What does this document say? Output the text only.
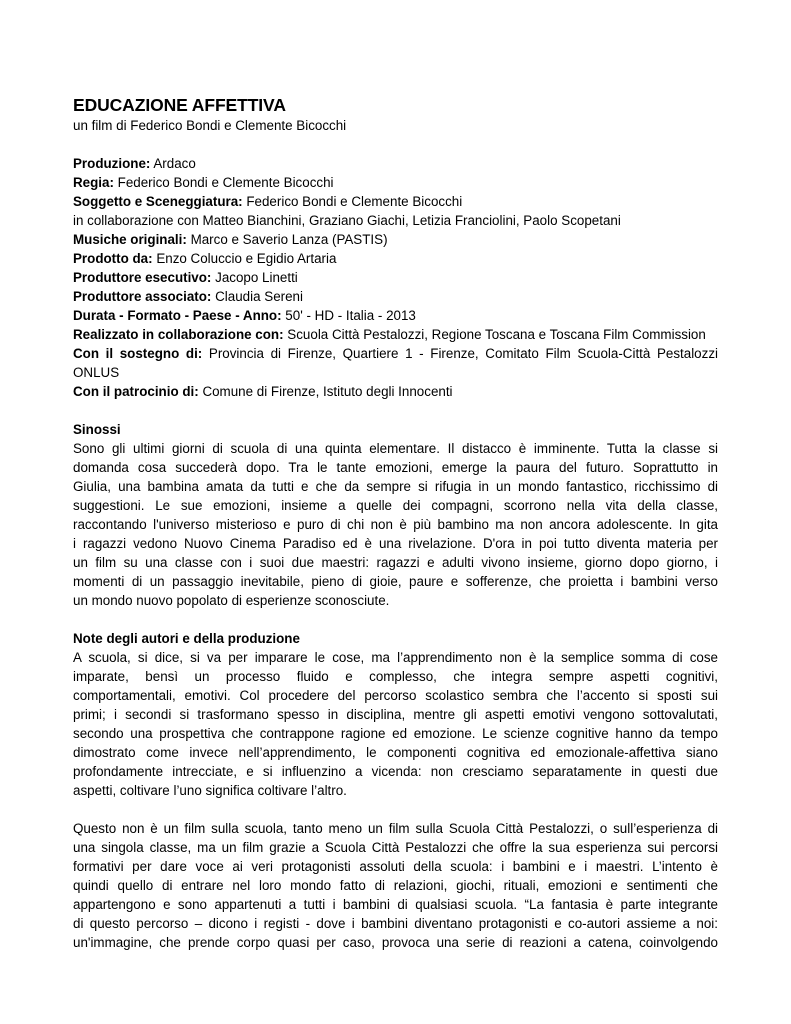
EDUCAZIONE AFFETTIVA
un film di Federico Bondi e Clemente Bicocchi
Produzione: Ardaco
Regia: Federico Bondi e Clemente Bicocchi
Soggetto e Sceneggiatura: Federico Bondi e Clemente Bicocchi
in collaborazione con Matteo Bianchini, Graziano Giachi, Letizia Franciolini, Paolo Scopetani
Musiche originali: Marco e Saverio Lanza (PASTIS)
Prodotto da: Enzo Coluccio e Egidio Artaria
Produttore esecutivo: Jacopo Linetti
Produttore associato: Claudia Sereni
Durata - Formato - Paese - Anno: 50' - HD - Italia - 2013
Realizzato in collaborazione con: Scuola Città Pestalozzi, Regione Toscana e Toscana Film Commission
Con il sostegno di: Provincia di Firenze, Quartiere 1 - Firenze, Comitato Film Scuola-Città Pestalozzi
ONLUS
Con il patrocinio di: Comune di Firenze, Istituto degli Innocenti
Sinossi
Sono gli ultimi giorni di scuola di una quinta elementare. Il distacco è imminente. Tutta la classe si
domanda cosa succederà dopo. Tra le tante emozioni, emerge la paura del futuro. Soprattutto in
Giulia, una bambina amata da tutti e che da sempre si rifugia in un mondo fantastico, ricchissimo di
suggestioni. Le sue emozioni, insieme a quelle dei compagni, scorrono nella vita della classe,
raccontando l'universo misterioso e puro di chi non è più bambino ma non ancora adolescente. In gita
i ragazzi vedono Nuovo Cinema Paradiso ed è una rivelazione. D'ora in poi tutto diventa materia per
un film su una classe con i suoi due maestri: ragazzi e adulti vivono insieme, giorno dopo giorno, i
momenti di un passaggio inevitabile, pieno di gioie, paure e sofferenze, che proietta i bambini verso
un mondo nuovo popolato di esperienze sconosciute.
Note degli autori e della produzione
A scuola, si dice, si va per imparare le cose, ma l’apprendimento non è la semplice somma di cose
imparate, bensì un processo fluido e complesso, che integra sempre aspetti cognitivi,
comportamentali, emotivi. Col procedere del percorso scolastico sembra che l’accento si sposti sui
primi; i secondi si trasformano spesso in disciplina, mentre gli aspetti emotivi vengono sottovalutati,
secondo una prospettiva che contrappone ragione ed emozione. Le scienze cognitive hanno da tempo
dimostrato come invece nell’apprendimento, le componenti cognitiva ed emozionale-affettiva siano
profondamente intrecciate, e si influenzino a vicenda: non cresciamo separatamente in questi due
aspetti, coltivare l’uno significa coltivare l’altro.
Questo non è un film sulla scuola, tanto meno un film sulla Scuola Città Pestalozzi, o sull’esperienza di
una singola classe, ma un film grazie a Scuola Città Pestalozzi che offre la sua esperienza sui percorsi
formativi per dare voce ai veri protagonisti assoluti della scuola: i bambini e i maestri. L’intento è
quindi quello di entrare nel loro mondo fatto di relazioni, giochi, rituali, emozioni e sentimenti che
appartengono e sono appartenuti a tutti i bambini di qualsiasi scuola. “La fantasia è parte integrante
di questo percorso – dicono i registi - dove i bambini diventano protagonisti e co-autori assieme a noi:
un'immagine, che prende corpo quasi per caso, provoca una serie di reazioni a catena, coinvolgendo
